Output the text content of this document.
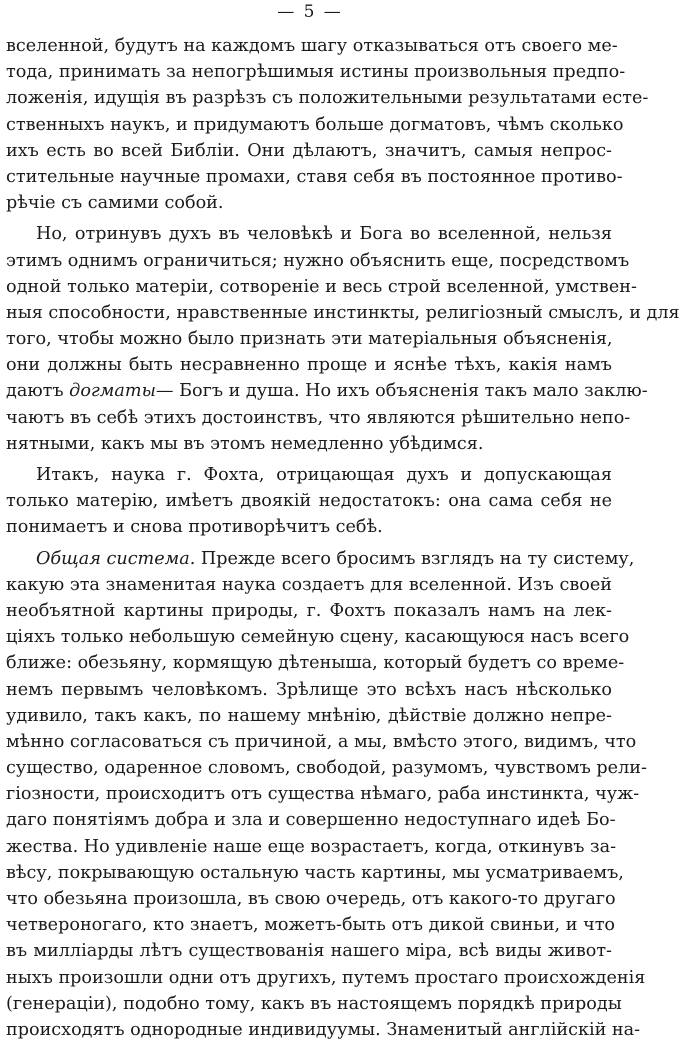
— 5 —
вселенной, будутъ на каждомъ шагу отказываться отъ своего ме-
тода, принимать за непогрѣшимыя истины произвольныя предпо-
ложенія, идущія въ разрѣзъ съ положительными результатами есте-
ственныхъ наукъ, и придумаютъ больше догматовъ, чѣмъ сколько
ихъ есть во всей Библіи. Они дѣлаютъ, значитъ, самыя непрос-
стительные научные промахи, ставя себя въ постоянное противо-
рѣчіе съ самими собой.
Но, отринувъ духъ въ человѣкѣ и Бога во вселенной, нельзя
этимъ однимъ ограничиться; нужно объяснить еще, посредствомъ
одной только матеріи, сотвореніе и весь строй вселенной, умствен-
ныя способности, нравственные инстинкты, религіозный смыслъ, и для
того, чтобы можно было признать эти матеріальныя объясненія,
они должны быть несравненно проще и яснѣе тѣхъ, какія намъ
даютъ догматы— Богъ и душа. Но ихъ объясненія такъ мало заклю-
чаютъ въ себѣ этихъ достоинствъ, что являются рѣшительно непо-
нятными, какъ мы въ этомъ немедленно убѣдимся.
Итакъ, наука г. Фохта, отрицающая духъ и допускающая
только матерію, имѣетъ двоякій недостатокъ: она сама себя не
понимаетъ и снова противорѣчитъ себѣ.
Общая система. Прежде всего бросимъ взглядъ на ту систему,
какую эта знаменитая наука создаетъ для вселенной. Изъ своей
необъятной картины природы, г. Фохтъ показалъ намъ на лек-
ціяхъ только небольшую семейную сцену, касающуюся насъ всего
ближе: обезьяну, кормящую дѣтеныша, который будетъ со време-
немъ первымъ человѣкомъ. Зрѣлище это всѣхъ насъ нѣсколько
удивило, такъ какъ, по нашему мнѣнію, дѣйствіе должно непре-
мѣнно согласоваться съ причиной, а мы, вмѣсто этого, видимъ, что
существо, одаренное словомъ, свободой, разумомъ, чувствомъ рели-
гіозности, происходитъ отъ существа нѣмаго, раба инстинкта, чуж-
даго понятіямъ добра и зла и совершенно недоступнаго идеѣ Бо-
жества. Но удивленіе наше еще возрастаетъ, когда, откинувъ за-
вѣсу, покрывающую остальную часть картины, мы усматриваемъ,
что обезьяна произошла, въ свою очередь, отъ какого-то другаго
четвероногаго, кто знаетъ, можетъ-быть отъ дикой свиньи, и что
въ милліарды лѣтъ существованія нашего міра, всѣ виды живот-
ныхъ произошли одни отъ другихъ, путемъ простаго происхожденія
(генераціи), подобно тому, какъ въ настоящемъ порядкѣ природы
происходятъ однородные индивидуумы. Знаменитый англійскій на-
